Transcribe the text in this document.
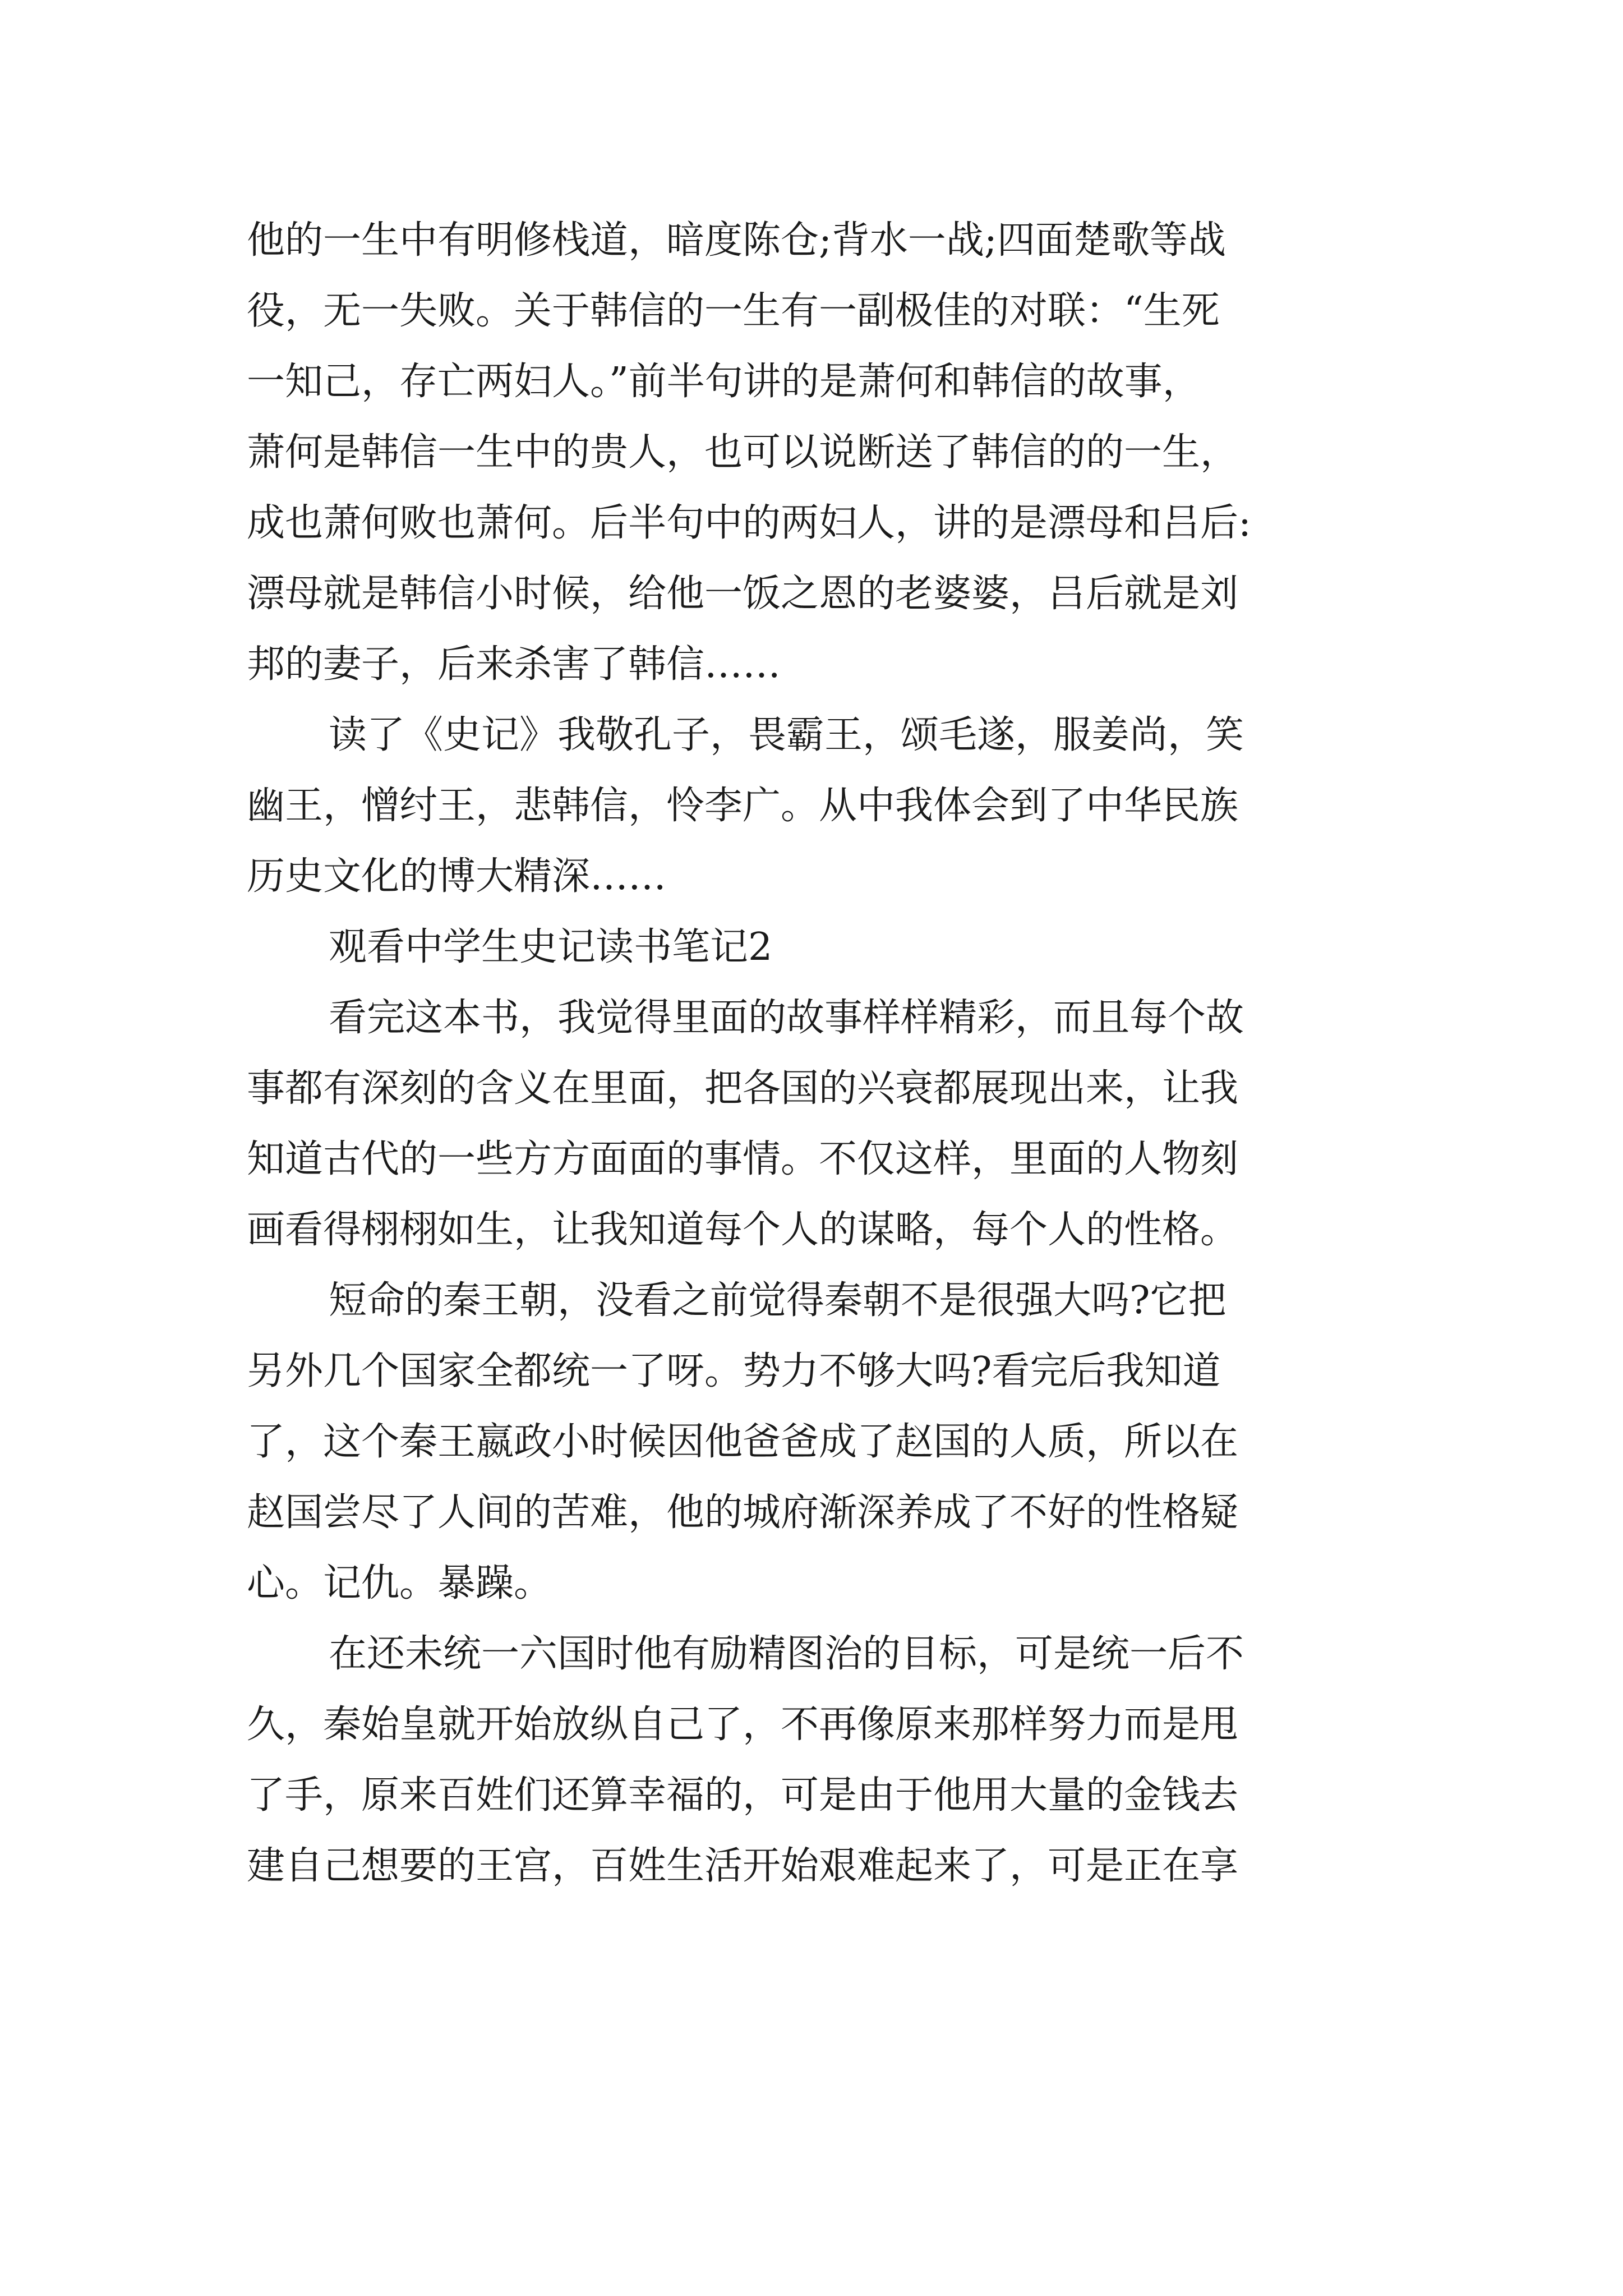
他的一生中有明修栈道，暗度陈仓;背水一战;四面楚歌等战
役，无一失败。关于韩信的一生有一副极佳的对联：“生死
一知己，存亡两妇人。”前半句讲的是萧何和韩信的故事，
萧何是韩信一生中的贵人，也可以说断送了韩信的的一生，
成也萧何败也萧何。后半句中的两妇人，讲的是漂母和吕后:
漂母就是韩信小时候，给他一饭之恩的老婆婆，吕后就是刘
邦的妻子，后来杀害了韩信……
读了《史记》我敬孔子，畏霸王，颂毛遂，服姜尚，笑
幽王，憎纣王，悲韩信，怜李广。从中我体会到了中华民族
历史文化的博大精深……
观看中学生史记读书笔记2
看完这本书，我觉得里面的故事样样精彩，而且每个故
事都有深刻的含义在里面，把各国的兴衰都展现出来，让我
知道古代的一些方方面面的事情。不仅这样，里面的人物刻
画看得栩栩如生，让我知道每个人的谋略，每个人的性格。
短命的秦王朝，没看之前觉得秦朝不是很强大吗?它把
另外几个国家全都统一了呀。势力不够大吗?看完后我知道
了，这个秦王嬴政小时候因他爸爸成了赵国的人质，所以在
赵国尝尽了人间的苦难，他的城府渐深养成了不好的性格疑
心。记仇。暴躁。
在还未统一六国时他有励精图治的目标，可是统一后不
久，秦始皇就开始放纵自己了，不再像原来那样努力而是甩
了手，原来百姓们还算幸福的，可是由于他用大量的金钱去
建自己想要的王宫，百姓生活开始艰难起来了，可是正在享
